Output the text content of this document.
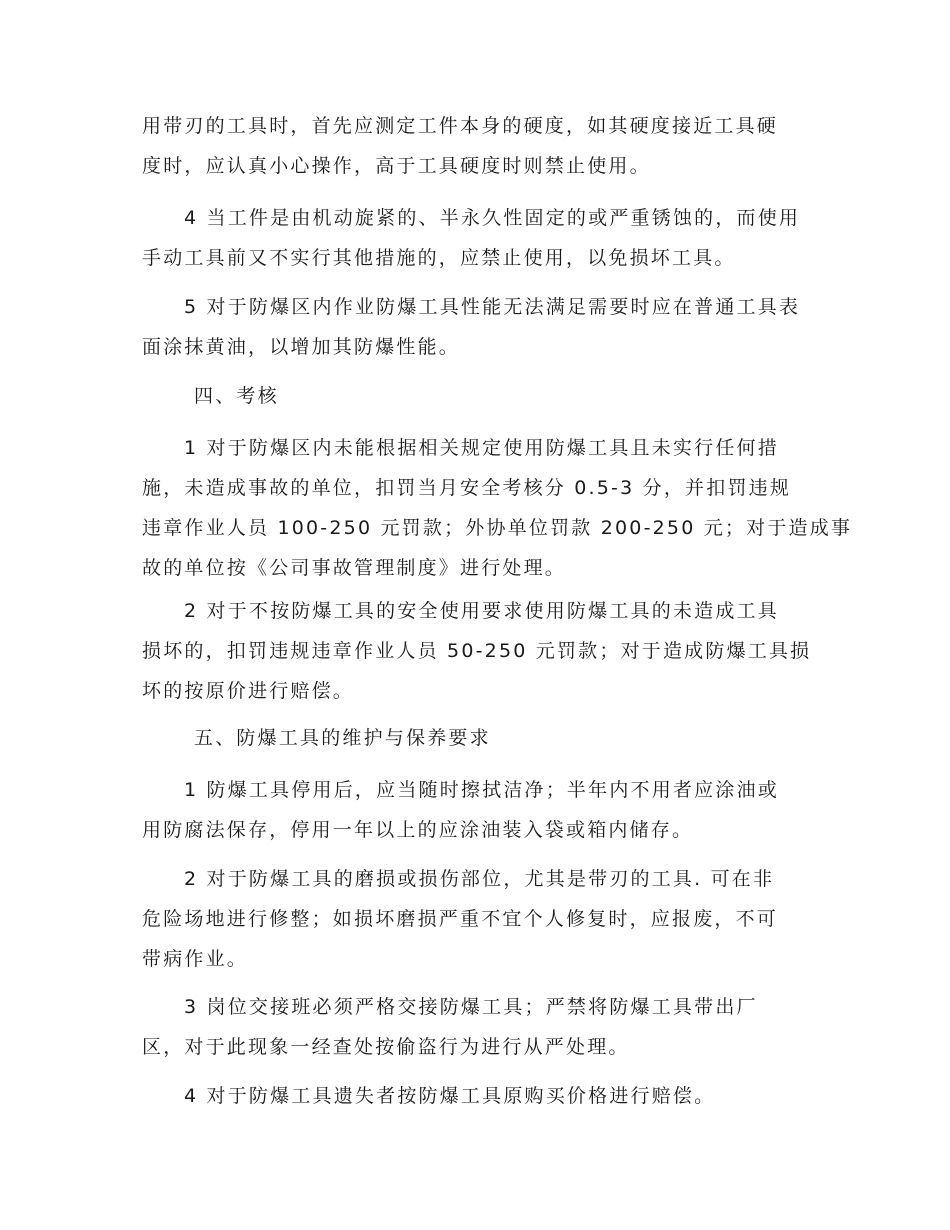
用带刃的工具时，首先应测定工件本身的硬度，如其硬度接近工具硬
度时，应认真小心操作，高于工具硬度时则禁止使用。

4 当工件是由机动旋紧的、半永久性固定的或严重锈蚀的，而使用
手动工具前又不实行其他措施的，应禁止使用，以免损坏工具。

5 对于防爆区内作业防爆工具性能无法满足需要时应在普通工具表
面涂抹黄油，以增加其防爆性能。

四、考核

1 对于防爆区内未能根据相关规定使用防爆工具且未实行任何措
施，未造成事故的单位，扣罚当月安全考核分 0.5-3 分，并扣罚违规
违章作业人员 100-250 元罚款；外协单位罚款 200-250 元；对于造成事
故的单位按《公司事故管理制度》进行处理。

2 对于不按防爆工具的安全使用要求使用防爆工具的未造成工具
损坏的，扣罚违规违章作业人员 50-250 元罚款；对于造成防爆工具损
坏的按原价进行赔偿。

五、防爆工具的维护与保养要求

1 防爆工具停用后，应当随时擦拭洁净；半年内不用者应涂油或
用防腐法保存，停用一年以上的应涂油装入袋或箱内储存。

2 对于防爆工具的磨损或损伤部位，尤其是带刃的工具. 可在非
危险场地进行修整；如损坏磨损严重不宜个人修复时，应报废，不可
带病作业。

3 岗位交接班必须严格交接防爆工具；严禁将防爆工具带出厂
区，对于此现象一经查处按偷盗行为进行从严处理。

4 对于防爆工具遗失者按防爆工具原购买价格进行赔偿。
